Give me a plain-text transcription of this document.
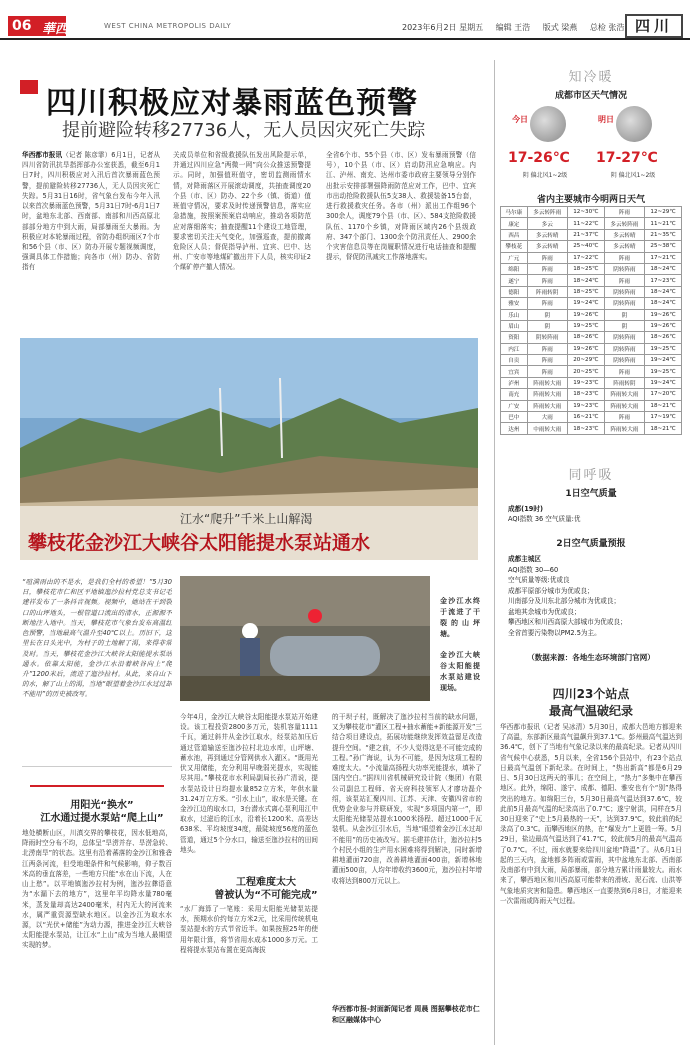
06 華西都市報
WEST CHINA METROPOLIS DAILY	2023年6月2日 星期五 编辑 王浩 版式 梁燕 总检 张浩 四川
四川积极应对暴雨蓝色预警
提前避险转移27736人，无人员因灾死亡失踪
华西都市报讯（记者 陈彦霏）6月1日，记者从四川省防汛抗旱指挥部办公室获悉，截至6月1日7时，四川积极应对入汛后首次暴雨蓝色预警，提前避险转移27736人，无人员因灾死亡失踪。5月31日16时，省气象台发布今年入汛以来首次暴雨蓝色预警，5月31日7时-6月1日7时，盆地东北部、西南部、南部和川西高原北部部分地方中到大雨，局部暴雨至大暴雨。为积极应对本轮暴雨过程，省防办组织雨区7个市和56个县（市、区）防办开展专题视频调度，强调具体工作措施；向各市（州）防办、省防指有
关成员单位和省级救援队伍发出风险提示单，并通过四川应急“两微一网”向公众推送预警提示。同时，加强值班值守，密切监测雨情水情，对降雨落区开展滚动调度，共抽查调度20个县（市、区）防办、22个乡（镇、街道）值班值守情况，要求及时传递预警信息，落实应急措施，按照案预案启动响应，推动各项防范应对落细落实；抽查提醒11个建设工地管理，要求密切关注天气变化，加强巡查，提前撤离危险区人员；督促指导泸州、宜宾、巴中、达州、广安市等地煤矿撤出井下人员，核实印证2个煤矿停产撤人情况。
全省6个市、55个县（市、区）发布暴雨预警（信号），10个县（市、区）启动防汛应急响应。内江、泸州、南充、达州市委市政府主要领导分别作出批示安排部署强降雨防范应对工作，巴中、宜宾市出动抢险救援队伍5支38人、救援装备15台套，进行救援救灾任务。各市（州）派出工作组96个300余人，调度79个县（市、区）、584支抢险救援队伍、1170个乡镇，对降雨区域内26个县级政府、347个部门、1300余个防汛责任人、2900余个灾害信息员等在岗履职情况进行电话抽查和提醒提示，督促防汛减灾工作落地落实。
江水“爬升”千米上山解渴
攀枝花金沙江大峡谷太阳能提水泵站通水
“喧满雨由的不是水，是我们全村的希望！”5月30日，攀枝花市仁和区平地镇迤沙拉村党总支书记毛建祥发布了一条抖音视频。视频中，她站在干到裂口的山坪地头，一根管道口流出的清水，正源源不断地注入地中。当天，攀枝花市气象台发布高温红色预警，当地最高气温升至40℃以上。历旧下，这里长在日头光中，为村子的土地解了渴，来得非常及时。当天，攀枝花金沙江大峡谷太阳能提水泵站通水。依靠太阳能，金沙江水沿着峡谷向上“爬升”1200米后，流进了迤沙拉村。从此，来自山下的水，解了山上的渴，当地“眼望着金沙江水过过却不能用”的历史被改写。
用阳光“换水”
江水通过提水泵站“爬上山”
地处横断山区，川滇交界的攀枝花，因水低地高，降雨时空分布不均，总体呈“旱涝并存、旱涝急转、北涝南旱”的状态。这里有沿着蕃落的金沙江和雅砻江两条河流，但受地理条件和气候影响，仰子数百米高的垂直落差，一些地方只能“水在山下流，人在山上愁”。以平地镇迤沙拉村为例，迤沙拉彝语意为“水漏下去的地方”，这里年平均降水量780毫米，蒸发量却高达2400毫米，村内无大的河流来水，属严重资源型缺水地区。以金沙江为取水水源，以“光伏+储能”为动力源，推进金沙江大峡谷太阳能提水泵站，让江水“上山”成为当地人最期望实现的梦。
金沙江水终于流进了干裂的山坪塘。
金沙江大峡谷太阳能提水泵站建设现场。
今年4月，金沙江大峡谷太阳能提水泵站开始建设。该工程投资2800多万元，装机容量1111千瓦，通过斜井从金沙江取水，经泵站加压后通过管道输送至迤沙拉村北边水库，山坪塘、蓄水池，再到通过分管网供水入灌区。“既用光伏又用储能，充分利用早晚弱光提水，实现能尽其用。”攀枝花市水利局副局长孙广清说，提水泵站设计日均提水量852立方米，年供水量31.24万立方米。“引水上山”，取水是关键。在金沙江边的取水口，3台潜水式离心泵利用江中取水，过滤后的江水，沿着长1200米、高差达638米、平均坡度34度，最陡坡度56度的蓝色管道，通过5个分水口，输送至迤沙拉村的田间地头。
工程难度太大
曾被认为“不可能完成”
“水厂海算了一笔账：采用太阳能光储泵站提水，预期水价约每立方米2元，比采用传统机电泵站提水的方式节省近半。如果按照25年的使用年限计算，将节省用水成本1000多万元。工程将提水泵站布置在更高海拔
的干坝子村，既解决了迤沙拉村当前的缺水问题，又为攀枝花市“灌区工程+抽水蓄能+新能源开发”三结合项目建设点，拓展功能继续发挥效益留足改造提升空间。“建之前，不少人觉得这是不可能完成的工程。”孙广海说，认为不可能，是因为这项工程的难度太大。“小流量高扬程大功率光能提水，填补了国内空白。”据四川省机械研究设计院（集团）有限公司副总工程师、省天府科技领军人才廖功磊介绍，该泵站汇聚四川、江苏、天津、安徽四省市的优势企业参与并联研发，实现“多项国内第一”，即太阳能光储泵站提水1000米扬程、超过1000千瓦装机。从金沙江引水后，当地“眼望着金沙江水过却不能用”的历史被改写。据毛建祥估计，迤沙拉村5个村民小组的生产用水困难将得到解决，同时新增耕地灌面720亩，改善耕地灌面400亩，新增林地灌面500亩，人均年增收约3600元，迤沙拉村年增收将达到800万元以上。
华西都市报-封面新闻记者 周晨 图据攀枝花市仁和区融媒体中心
知冷暖
成都市区天气情况
今日
17-26℃
阴 偏北风1~2级
明日
17-27℃
阴 偏北风1~2级
省内主要城市今明两日天气
马尔康	多云转阵雨	12~30℃	阵雨	12~29℃
康定	多云	11~22℃	多云转阵雨	11~21℃
西昌	多云转晴	21~37℃	多云转晴	21~35℃
攀枝花	多云转晴	25~40℃	多云转晴	25~38℃
广元	阵雨	17~22℃	阵雨	17~21℃
绵阳	阵雨	18~25℃	阴转阵雨	18~24℃
遂宁	阵雨	18~24℃	阵雨	17~23℃
德阳	阵雨转阴	18~25℃	阴转阵雨	18~24℃
雅安	阵雨	19~24℃	阴转阵雨	18~24℃
乐山	阴	19~26℃	阴	19~26℃
眉山	阴	19~25℃	阴	19~26℃
资阳	阴转阵雨	18~26℃	阴转阵雨	18~26℃
内江	阵雨	19~26℃	阴转阵雨	19~25℃
自贡	阵雨	20~29℃	阴转阵雨	19~24℃
宜宾	阵雨	20~25℃	阵雨	19~25℃
泸州	阵雨转大雨	19~23℃	阵雨转阴	19~24℃
南充	阵雨转大雨	18~23℃	阵雨转大雨	17~20℃
广安	阵雨转大雨	19~23℃	阵雨转大雨	18~21℃
巴中	大雨	16~21℃	阵雨	17~19℃
达州	中雨转大雨	18~23℃	阵雨转大雨	18~21℃
同呼吸
1日空气质量
成都(19时)
AQI指数 36 空气质量:优
2日空气质量预报
成都主城区
AQI指数 30—60
空气质量等级:优或良
成都平原部分城市为优或良；
川南部分及川东北部分城市为优或良；
盆地其余城市为优或良；
攀西地区和川西高原大部城市为优或良；
全省首要污染物以PM2.5为主。
（数据来源：各地生态环境部门官网）
四川23个站点
最高气温破纪录
华西都市报讯（记者 吴冰清）5月30日，成都大邑地方都迎来了高温，东部新区最高气温飙升到37.1℃。彭州最高气温达到36.4℃，创下了当地有气象记录以来的最高纪录。记者从四川省气候中心获悉，5月以来，全省156个县站中，有23个站点日最高气温创下新纪录。在时间上，“热出新高”都是6月29日、5月30日这两天的事儿；在空间上，“热力”多集中在攀西地区。此外，绵阳、遂宁、成都、德阳、雅安也有个“别”热得突出的地方。如绵阳三台，5月30日最高气温达到37.6℃，较此前5月最高气温的纪录高出了0.7℃；遂宁射洪，同样在5月30日迎来了“史上5月最热的一天”，达到37.9℃，较此前的纪录高了0.3℃。而攀西地区的热，在“爆发力”上更胜一筹。5月29日，盐边最高气温达到了41.7℃，较此前5月的最高气温高了0.7℃。不过，雨水就要来给四川盆地“降温”了。从6月1日起的三天内，盆地都多阵雨或雷雨，其中盆地东北部、西南部及南部有中到大雨，局部暴雨，部分地方累计雨量较大。雨水来了，攀西地区和川西高原可能带来的滑坡、泥石流、山洪等气象地质灾害和隐患。攀西地区一直要热到6月8日，才能迎来一次雷雨或阵雨天气过程。
